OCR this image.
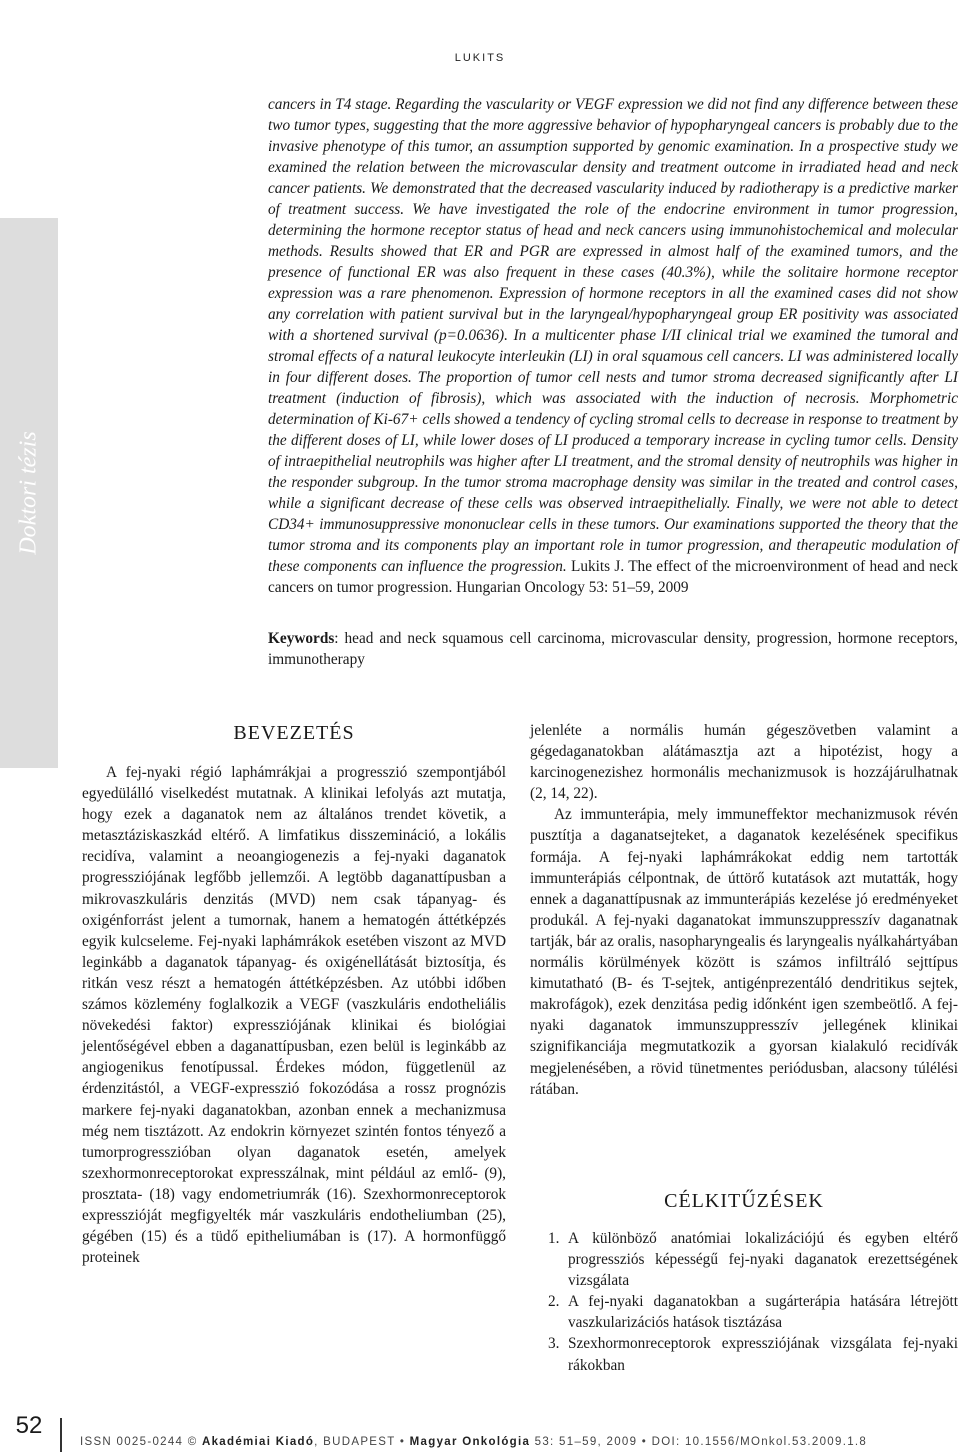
LUKITS
Doktori tézis
cancers in T4 stage. Regarding the vascularity or VEGF expression we did not find any difference between these two tumor types, suggesting that the more aggressive behavior of hypopharyngeal cancers is probably due to the invasive phenotype of this tumor, an assumption supported by genomic examination. In a prospective study we examined the relation between the microvascular density and treatment outcome in irradiated head and neck cancer patients. We demonstrated that the decreased vascularity induced by radiotherapy is a predictive marker of treatment success. We have investigated the role of the endocrine environment in tumor progression, determining the hormone receptor status of head and neck cancers using immunohistochemical and molecular methods. Results showed that ER and PGR are expressed in almost half of the examined tumors, and the presence of functional ER was also frequent in these cases (40.3%), while the solitaire hormone receptor expression was a rare phenomenon. Expression of hormone receptors in all the examined cases did not show any correlation with patient survival but in the laryngeal/hypopharyngeal group ER positivity was associated with a shortened survival (p=0.0636). In a multicenter phase I/II clinical trial we examined the tumoral and stromal effects of a natural leukocyte interleukin (LI) in oral squamous cell cancers. LI was administered locally in four different doses. The proportion of tumor cell nests and tumor stroma decreased significantly after LI treatment (induction of fibrosis), which was associated with the induction of necrosis. Morphometric determination of Ki-67+ cells showed a tendency of cycling stromal cells to decrease in response to treatment by the different doses of LI, while lower doses of LI produced a temporary increase in cycling tumor cells. Density of intraepithelial neutrophils was higher after LI treatment, and the stromal density of neutrophils was higher in the responder subgroup. In the tumor stroma macrophage density was similar in the treated and control cases, while a significant decrease of these cells was observed intraepithelially. Finally, we were not able to detect CD34+ immunosuppressive mononuclear cells in these tumors. Our examinations supported the theory that the tumor stroma and its components play an important role in tumor progression, and therapeutic modulation of these components can influence the progression. Lukits J. The effect of the microenvironment of head and neck cancers on tumor progression. Hungarian Oncology 53: 51–59, 2009
Keywords: head and neck squamous cell carcinoma, microvascular density, progression, hormone receptors, immunotherapy
BEVEZETÉS

A fej-nyaki régió laphámrákjai a progresszió szempontjából egyedülálló viselkedést mutatnak. A klinikai lefolyás azt mutatja, hogy ezek a daganatok nem az általános trendet követik, a metasztáziskaszkád eltérő. A limfatikus disszemináció, a lokális recidíva, valamint a neoangiogenezis a fej-nyaki daganatok progressziójának legfőbb jellemzői. A legtöbb daganattípusban a mikrovaszkuláris denzitás (MVD) nem csak tápanyag- és oxigénforrást jelent a tumornak, hanem a hematogén áttétképzés egyik kulcseleme. Fej-nyaki laphámrákok esetében viszont az MVD leginkább a daganatok tápanyag- és oxigénellátását biztosítja, és ritkán vesz részt a hematogén áttétképzésben. Az utóbbi időben számos közlemény foglalkozik a VEGF (vaszkuláris endotheliális növekedési faktor) expressziójának klinikai és biológiai jelentőségével ebben a daganattípusban, ezen belül is leginkább az angiogenikus fenotípussal. Érdekes módon, függetlenül az érdenzitástól, a VEGF-expresszió fokozódása a rossz prognózis markere fej-nyaki daganatokban, azonban ennek a mechanizmusa még nem tisztázott. Az endokrin környezet szintén fontos tényező a tumorprogresszióban olyan daganatok esetén, amelyek szexhormonreceptorokat expresszálnak, mint például az emlő- (9), prosztata- (18) vagy endometriumrák (16). Szexhormonreceptorok expresszióját megfigyelték már vaszkuláris endotheliumban (25), gégében (15) és a tüdő epitheliumában is (17). A hormonfüggő proteinek

jelenléte a normális humán gégeszövetben valamint a gégedaganatokban alátámasztja azt a hipotézist, hogy a karcinogenezishez hormonális mechanizmusok is hozzájárulhatnak (2, 14, 22).

Az immunterápia, mely immuneffektor mechanizmusok révén pusztítja a daganatsejteket, a daganatok kezelésének specifikus formája. A fej-nyaki laphámrákokat eddig nem tartották immunterápiás célpontnak, de úttörő kutatások azt mutatták, hogy ennek a daganattípusnak az immunterápiás kezelése jó eredményeket produkál. A fej-nyaki daganatokat immunszuppresszív daganatnak tartják, bár az oralis, nasopharyngealis és laryngealis nyálkahártyában normális körülmények között is számos infiltráló sejttípus kimutatható (B- és T-sejtek, antigénprezentáló dendritikus sejtek, makrofágok), ezek denzitása pedig időnként igen szembeötlő. A fej-nyaki daganatok immunszuppresszív jellegének klinikai szignifikanciája megmutatkozik a gyorsan kialakuló recidívák megjelenésében, a rövid tünetmentes periódusban, alacsony túlélési rátában.

CÉLKITŰZÉSEK
1. A különböző anatómiai lokalizációjú és egyben eltérő progressziós képességű fej-nyaki daganatok erezettségének vizsgálata
2. A fej-nyaki daganatokban a sugárterápia hatására létrejött vaszkularizációs hatások tisztázása
3. Szexhormonreceptorok expressziójának vizsgálata fej-nyaki rákokban
52
ISSN 0025-0244 © Akadémiai Kiadó, BUDAPEST • Magyar Onkológia 53: 51–59, 2009 • DOI: 10.1556/MOnkol.53.2009.1.8
